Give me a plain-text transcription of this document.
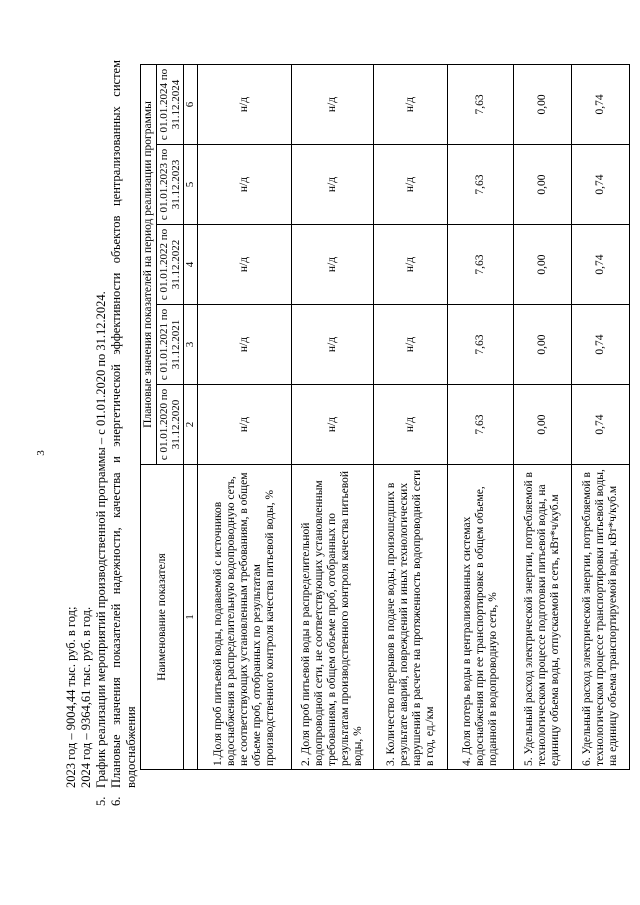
3

2023 год – 9004,44 тыс. руб. в год; 2024 год – 9364,61 тыс. руб. в год.

5.
График реализации мероприятий производственной программы – с 01.01.2020 по 31.12.2024.
6.
Плановые значения показателей надежности, качества и энергетической эффективности объектов централизованных систем водоснабжения
Наименование показателя	Плановые значения показателей на период реализации программы				
	с 01.01.2020 по 31.12.2020	с 01.01.2021 по 31.12.2021	с 01.01.2022 по 31.12.2022	с 01.01.2023 по 31.12.2023	с 01.01.2024 по 31.12.2024
1	2	3	4	5	6
1.Доля проб питьевой воды, подаваемой с источников водоснабжения в распределительную водопроводную сеть, не соответствующих установленным требованиям, в общем объеме проб, отобранных по результатам производственного контроля качества питьевой воды, %	н/д	н/д	н/д	н/д	н/д
2. Доля проб питьевой воды в распределительной водопроводной сети, не соответствующих установленным требованиям, в общем объеме проб, отобранных по результатам производственного контроля качества питьевой воды, %	н/д	н/д	н/д	н/д	н/д
3. Количество перерывов в подаче воды, произошедших в результате аварий, повреждений и иных технологических нарушений в расчете на протяженность водопроводной сети в год, ед./км	н/д	н/д	н/д	н/д	н/д
4. Доля потерь воды в централизованных системах водоснабжения при ее транспортировке в общем объеме, поданной в водопроводную сеть, %	7,63	7,63	7,63	7,63	7,63
5. Удельный расход электрической энергии, потребляемой в технологическом процессе подготовки питьевой воды, на единицу объема воды, отпускаемой в сеть, кВт*ч/куб.м	0,00	0,00	0,00	0,00	0,00
6. Удельный расход электрической энергии, потребляемой в технологическом процессе транспортировки питьевой воды, на единицу объема транспортируемой воды, кВт*ч/куб.м	0,74	0,74	0,74	0,74	0,74
